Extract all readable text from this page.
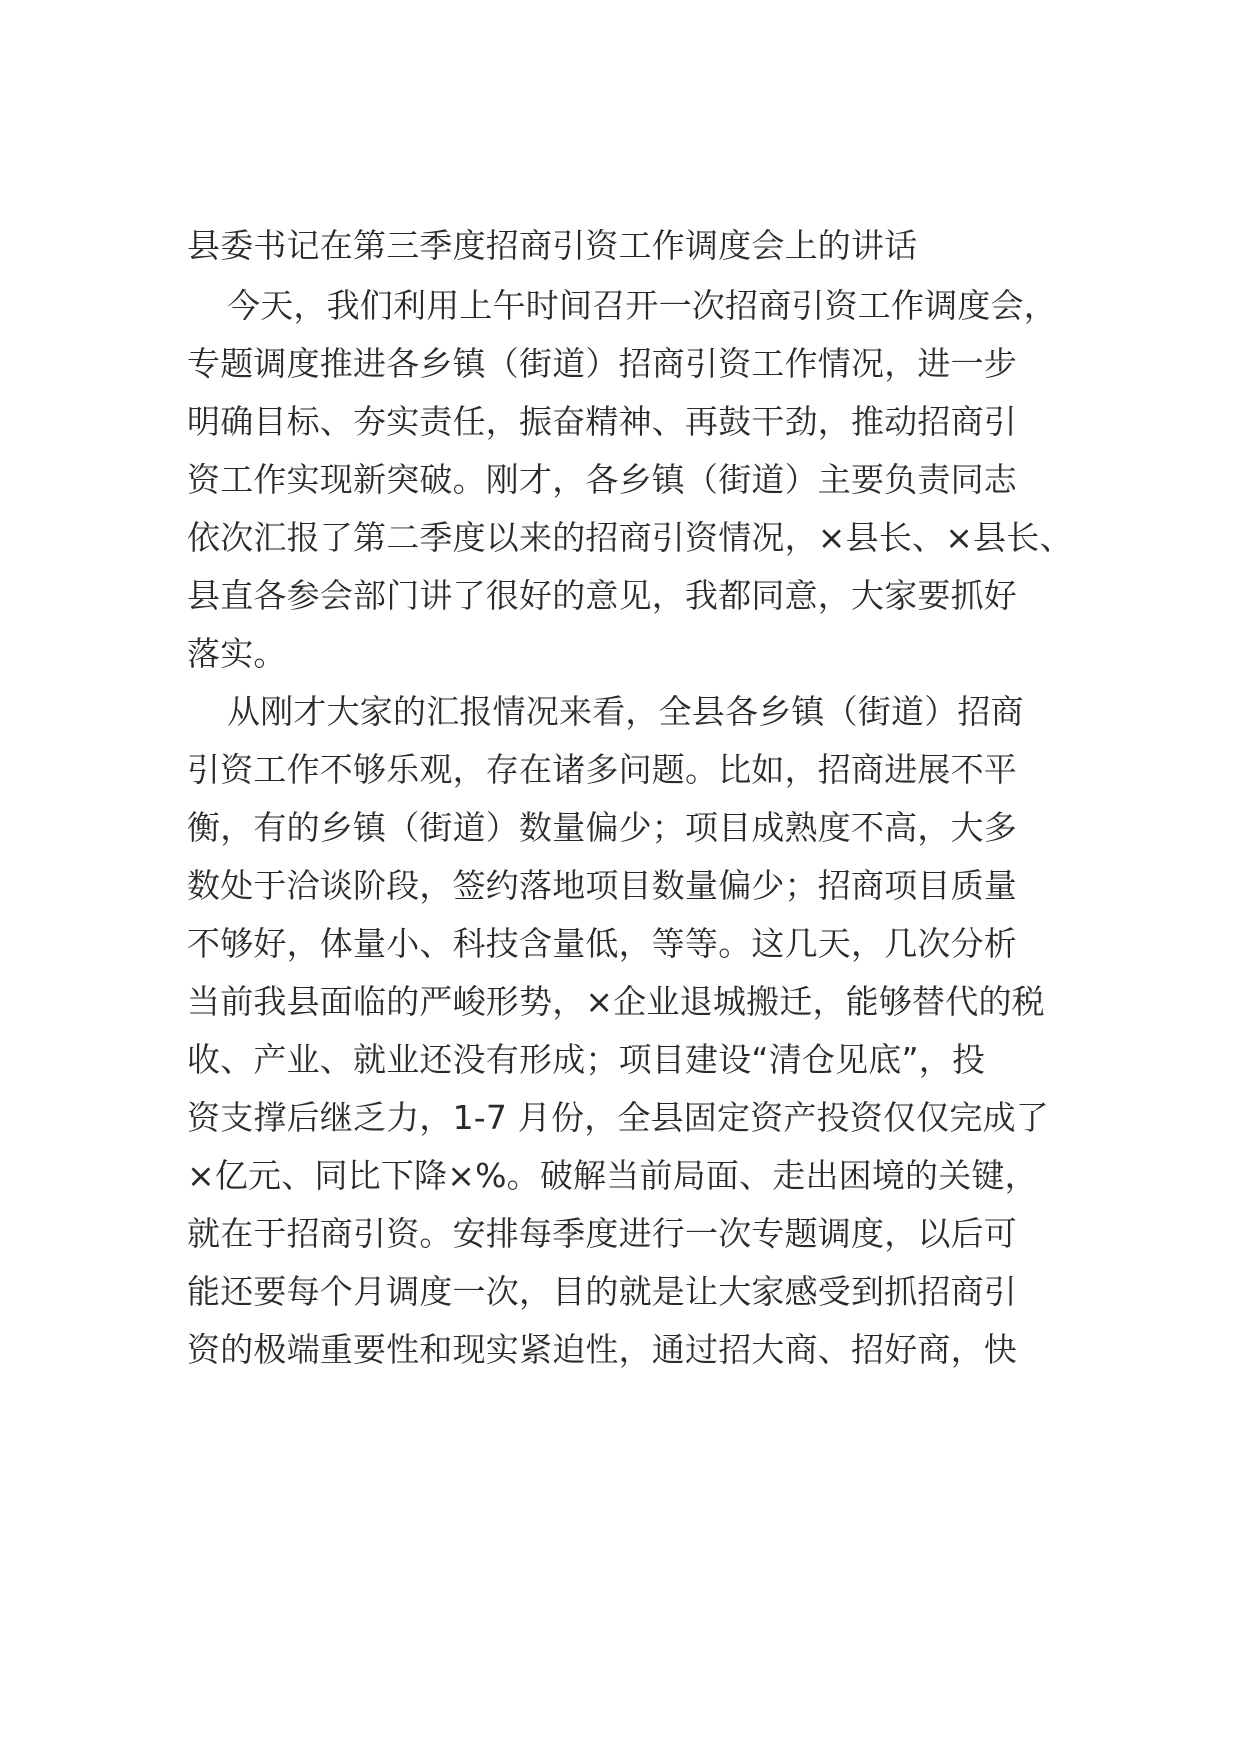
县委书记在第三季度招商引资工作调度会上的讲话
今天，我们利用上午时间召开一次招商引资工作调度会，
专题调度推进各乡镇（街道）招商引资工作情况，进一步
明确目标、夯实责任，振奋精神、再鼓干劲，推动招商引
资工作实现新突破。刚才，各乡镇（街道）主要负责同志
依次汇报了第二季度以来的招商引资情况，×县长、×县长、
县直各参会部门讲了很好的意见，我都同意，大家要抓好
落实。
从刚才大家的汇报情况来看，全县各乡镇（街道）招商
引资工作不够乐观，存在诸多问题。比如，招商进展不平
衡，有的乡镇（街道）数量偏少；项目成熟度不高，大多
数处于洽谈阶段，签约落地项目数量偏少；招商项目质量
不够好，体量小、科技含量低，等等。这几天，几次分析
当前我县面临的严峻形势，×企业退城搬迁，能够替代的税
收、产业、就业还没有形成；项目建设“清仓见底”，投
资支撑后继乏力，1-7 月份，全县固定资产投资仅仅完成了
×亿元、同比下降×%。破解当前局面、走出困境的关键，
就在于招商引资。安排每季度进行一次专题调度，以后可
能还要每个月调度一次，目的就是让大家感受到抓招商引
资的极端重要性和现实紧迫性，通过招大商、招好商，快
